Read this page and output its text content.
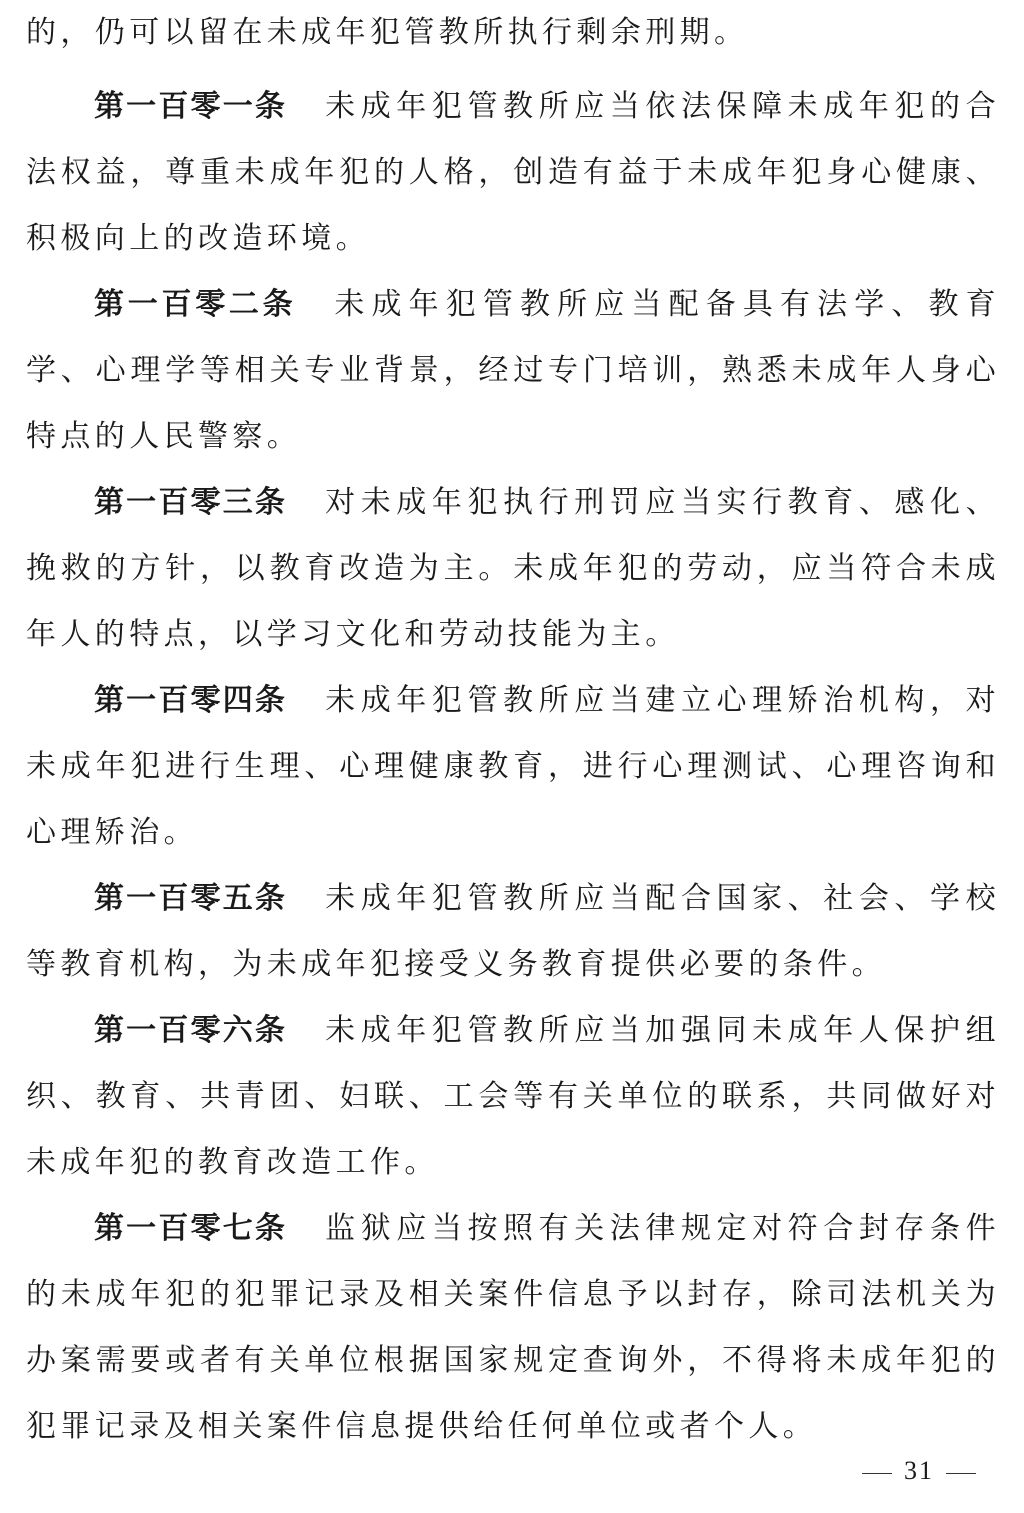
的，仍可以留在未成年犯管教所执行剩余刑期。

第一百零一条 未成年犯管教所应当依法保障未成年犯的合法权益，尊重未成年犯的人格，创造有益于未成年犯身心健康、积极向上的改造环境。

第一百零二条 未成年犯管教所应当配备具有法学、教育学、心理学等相关专业背景，经过专门培训，熟悉未成年人身心特点的人民警察。

第一百零三条 对未成年犯执行刑罚应当实行教育、感化、挽救的方针，以教育改造为主。未成年犯的劳动，应当符合未成年人的特点，以学习文化和劳动技能为主。

第一百零四条 未成年犯管教所应当建立心理矫治机构，对未成年犯进行生理、心理健康教育，进行心理测试、心理咨询和心理矫治。

第一百零五条 未成年犯管教所应当配合国家、社会、学校等教育机构，为未成年犯接受义务教育提供必要的条件。

第一百零六条 未成年犯管教所应当加强同未成年人保护组织、教育、共青团、妇联、工会等有关单位的联系，共同做好对未成年犯的教育改造工作。

第一百零七条 监狱应当按照有关法律规定对符合封存条件的未成年犯的犯罪记录及相关案件信息予以封存，除司法机关为办案需要或者有关单位根据国家规定查询外，不得将未成年犯的犯罪记录及相关案件信息提供给任何单位或者个人。

31
